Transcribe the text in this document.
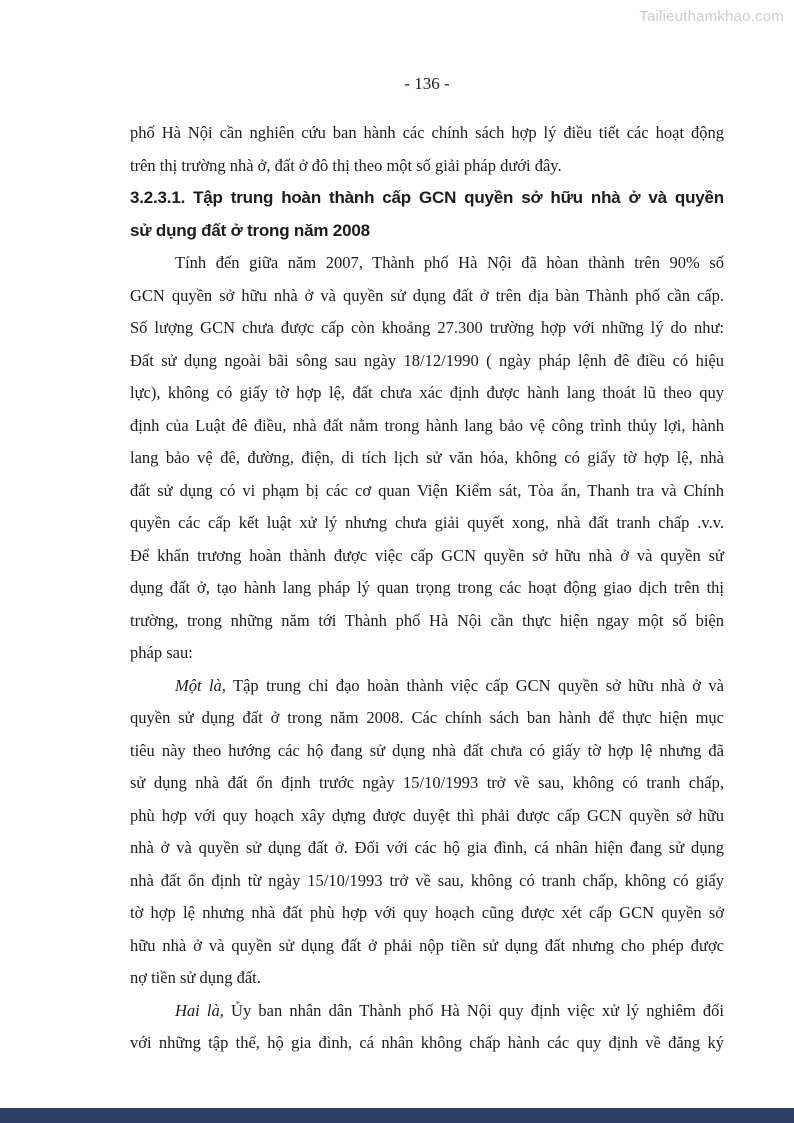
Tailieuthamkhao.com
- 136 -
phố Hà Nội cần nghiên cứu ban hành các chính sách hợp lý điều tiết các hoạt động
trên thị trường nhà ở, đất ở đô thị theo một số giải pháp dưới đây.
3.2.3.1. Tập trung hoàn thành cấp GCN quyền sở hữu nhà ở và quyền
sử dụng đất ở trong năm 2008
Tính đến giữa năm 2007, Thành phố Hà Nội đã hòan thành trên 90% số
GCN quyền sở hữu nhà ở và quyền sử dụng đất ở trên địa bàn Thành phố cần cấp.
Số lượng GCN chưa được cấp còn khoảng 27.300 trường hợp với những lý do như:
Đất sử dụng ngoài bãi sông sau ngày 18/12/1990 ( ngày pháp lệnh đê điều có hiệu
lực), không có giấy tờ hợp lệ, đất chưa xác định được hành lang thoát lũ theo quy
định của Luật đê điều, nhà đất nằm trong hành lang bảo vệ công trình thủy lợi, hành
lang bảo vệ đê, đường, điện, di tích lịch sử văn hóa, không có giấy tờ hợp lệ, nhà
đất sử dụng có vi phạm bị các cơ quan Viện Kiểm sát, Tòa án, Thanh tra và Chính
quyền các cấp kết luật xử lý nhưng chưa giải quyết xong, nhà đất tranh chấp .v.v.
Để khẩn trương hoàn thành được việc cấp GCN quyền sở hữu nhà ở và quyền sử
dụng đất ở, tạo hành lang pháp lý quan trọng trong các hoạt động giao dịch trên thị
trường, trong những năm tới Thành phố Hà Nội cần thực hiện ngay một số biện
pháp sau:
Một là, Tập trung chỉ đạo hoàn thành việc cấp GCN quyền sở hữu nhà ở và
quyền sử dụng đất ở trong năm 2008. Các chính sách ban hành để thực hiện mục
tiêu này theo hướng các hộ đang sử dụng nhà đất chưa có giấy tờ hợp lệ nhưng đã
sử dụng nhà đất ổn định trước ngày 15/10/1993 trở về sau, không có tranh chấp,
phù hợp với quy hoạch xây dựng được duyệt thì phải được cấp GCN quyền sở hữu
nhà ở và quyền sử dụng đất ở. Đối với các hộ gia đình, cá nhân hiện đang sử dụng
nhà đất ổn định từ ngày 15/10/1993 trở về sau, không có tranh chấp, không có giấy
tờ hợp lệ nhưng nhà đất phù hợp với quy hoạch cũng được xét cấp GCN quyền sở
hữu nhà ở và quyền sử dụng đất ở phải nộp tiền sử dụng đất nhưng cho phép được
nợ tiền sử dụng đất.
Hai là, Ủy ban nhân dân Thành phố Hà Nội quy định việc xử lý nghiêm đối
với những tập thể, hộ gia đình, cá nhân không chấp hành các quy định về đăng ký
